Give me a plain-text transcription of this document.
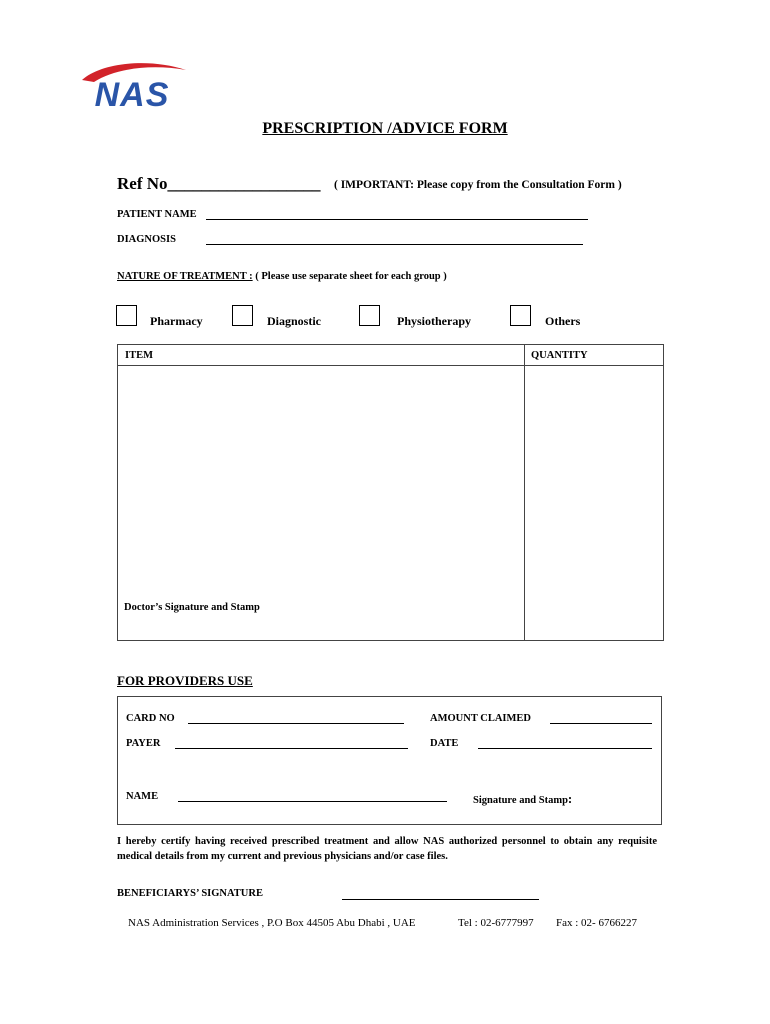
NAS
PRESCRIPTION /ADVICE FORM
Ref No__________________ ( IMPORTANT: Please copy from the Consultation Form )
PATIENT NAME
DIAGNOSIS
NATURE OF TREATMENT : ( Please use separate sheet for each group )
Pharmacy	Diagnostic	Physiotherapy	Others
ITEM	QUANTITY
Doctor’s Signature and Stamp
FOR PROVIDERS USE
CARD NO	AMOUNT CLAIMED
PAYER	DATE
NAME	Signature and Stamp:
I hereby certify having received prescribed treatment and allow NAS authorized personnel to obtain any requisite medical details from my current and previous physicians and/or case files.
BENEFICIARYS’ SIGNATURE
NAS Administration Services , P.O Box 44505 Abu Dhabi , UAE	Tel : 02-6777997 Fax : 02- 6766227
